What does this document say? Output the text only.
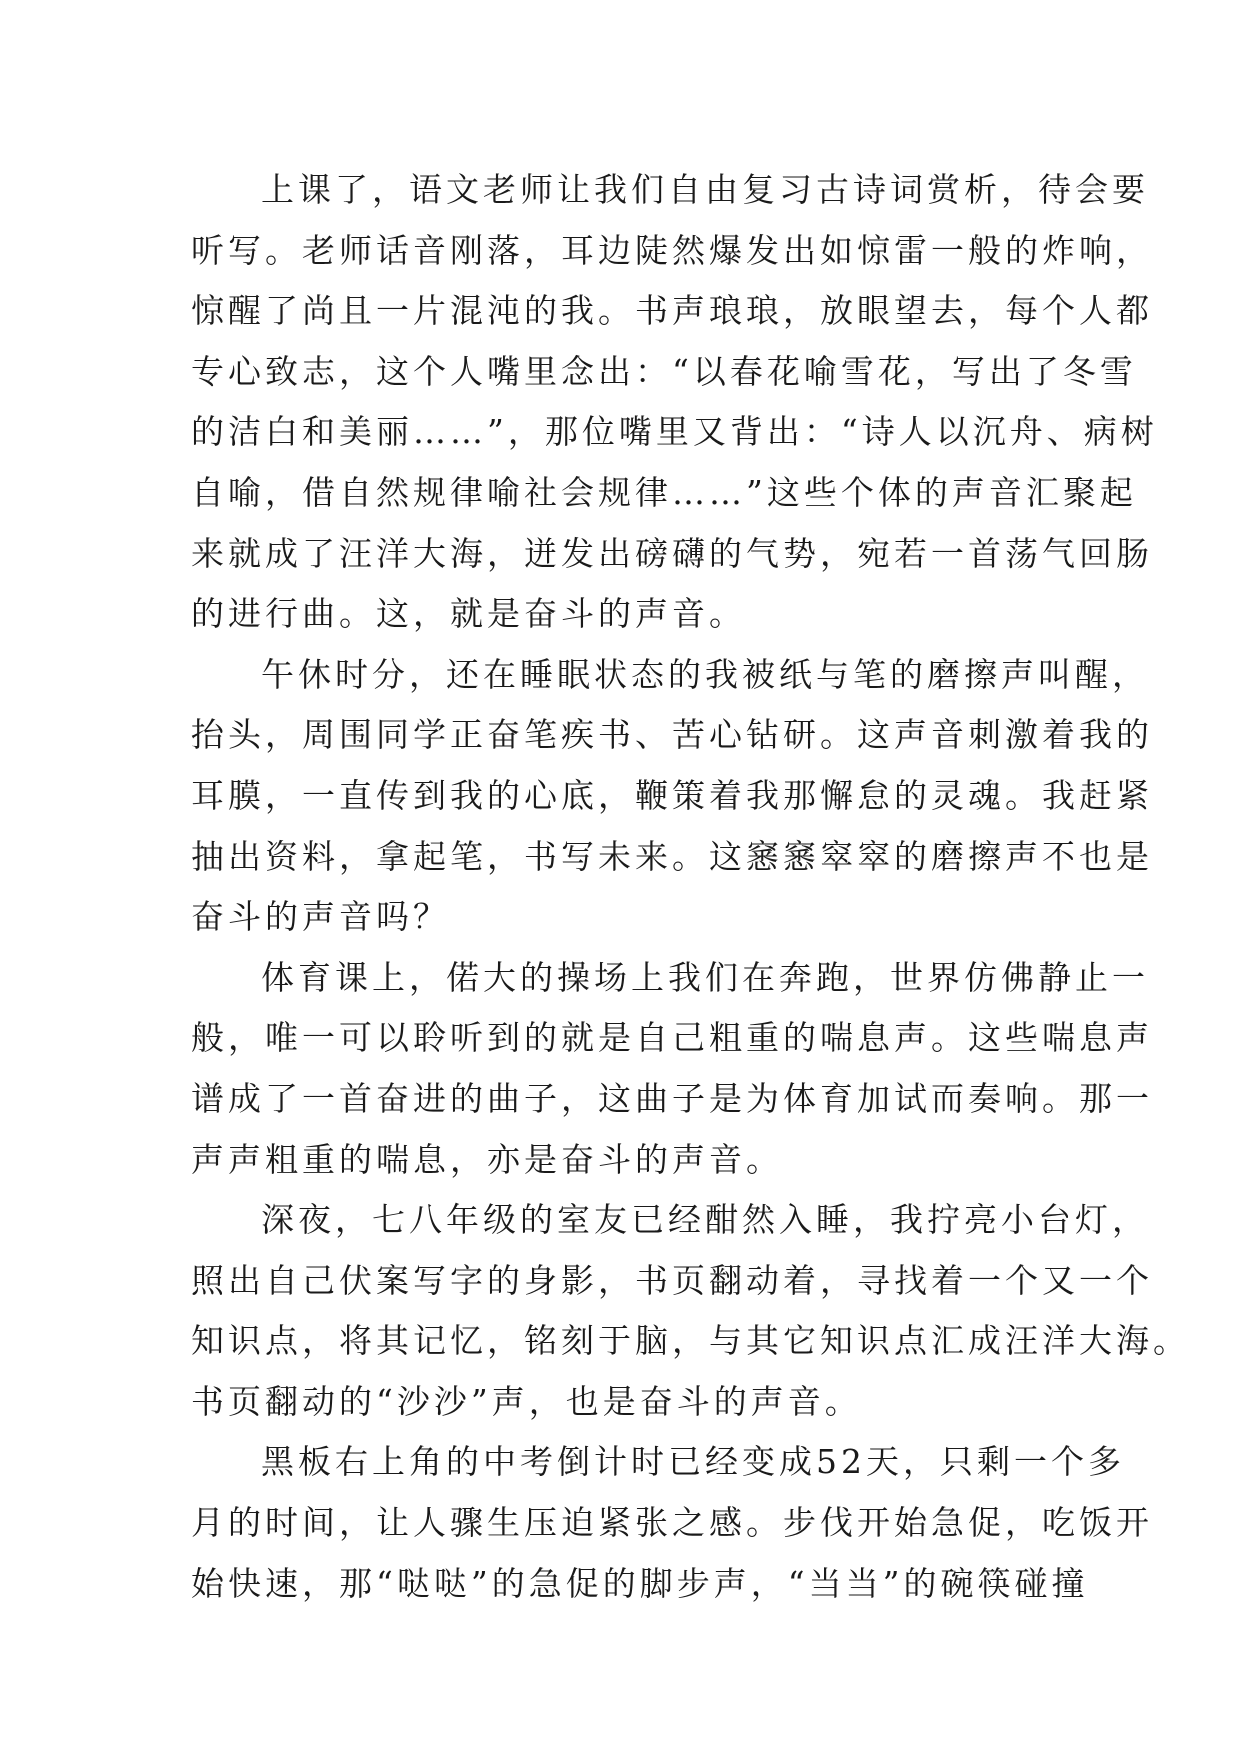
上课了，语文老师让我们自由复习古诗词赏析，待会要
听写。老师话音刚落，耳边陡然爆发出如惊雷一般的炸响，
惊醒了尚且一片混沌的我。书声琅琅，放眼望去，每个人都
专心致志，这个人嘴里念出：“以春花喻雪花，写出了冬雪
的洁白和美丽……”，那位嘴里又背出：“诗人以沉舟、病树
自喻，借自然规律喻社会规律……”这些个体的声音汇聚起
来就成了汪洋大海，迸发出磅礴的气势，宛若一首荡气回肠
的进行曲。这，就是奋斗的声音。
午休时分，还在睡眠状态的我被纸与笔的磨擦声叫醒，
抬头，周围同学正奋笔疾书、苦心钻研。这声音刺激着我的
耳膜，一直传到我的心底，鞭策着我那懈怠的灵魂。我赶紧
抽出资料，拿起笔，书写未来。这窸窸窣窣的磨擦声不也是
奋斗的声音吗？
体育课上，偌大的操场上我们在奔跑，世界仿佛静止一
般，唯一可以聆听到的就是自己粗重的喘息声。这些喘息声
谱成了一首奋进的曲子，这曲子是为体育加试而奏响。那一
声声粗重的喘息，亦是奋斗的声音。
深夜，七八年级的室友已经酣然入睡，我拧亮小台灯，
照出自己伏案写字的身影，书页翻动着，寻找着一个又一个
知识点，将其记忆，铭刻于脑，与其它知识点汇成汪洋大海。
书页翻动的“沙沙”声，也是奋斗的声音。
黑板右上角的中考倒计时已经变成52天，只剩一个多
月的时间，让人骤生压迫紧张之感。步伐开始急促，吃饭开
始快速，那“哒哒”的急促的脚步声，“当当”的碗筷碰撞
